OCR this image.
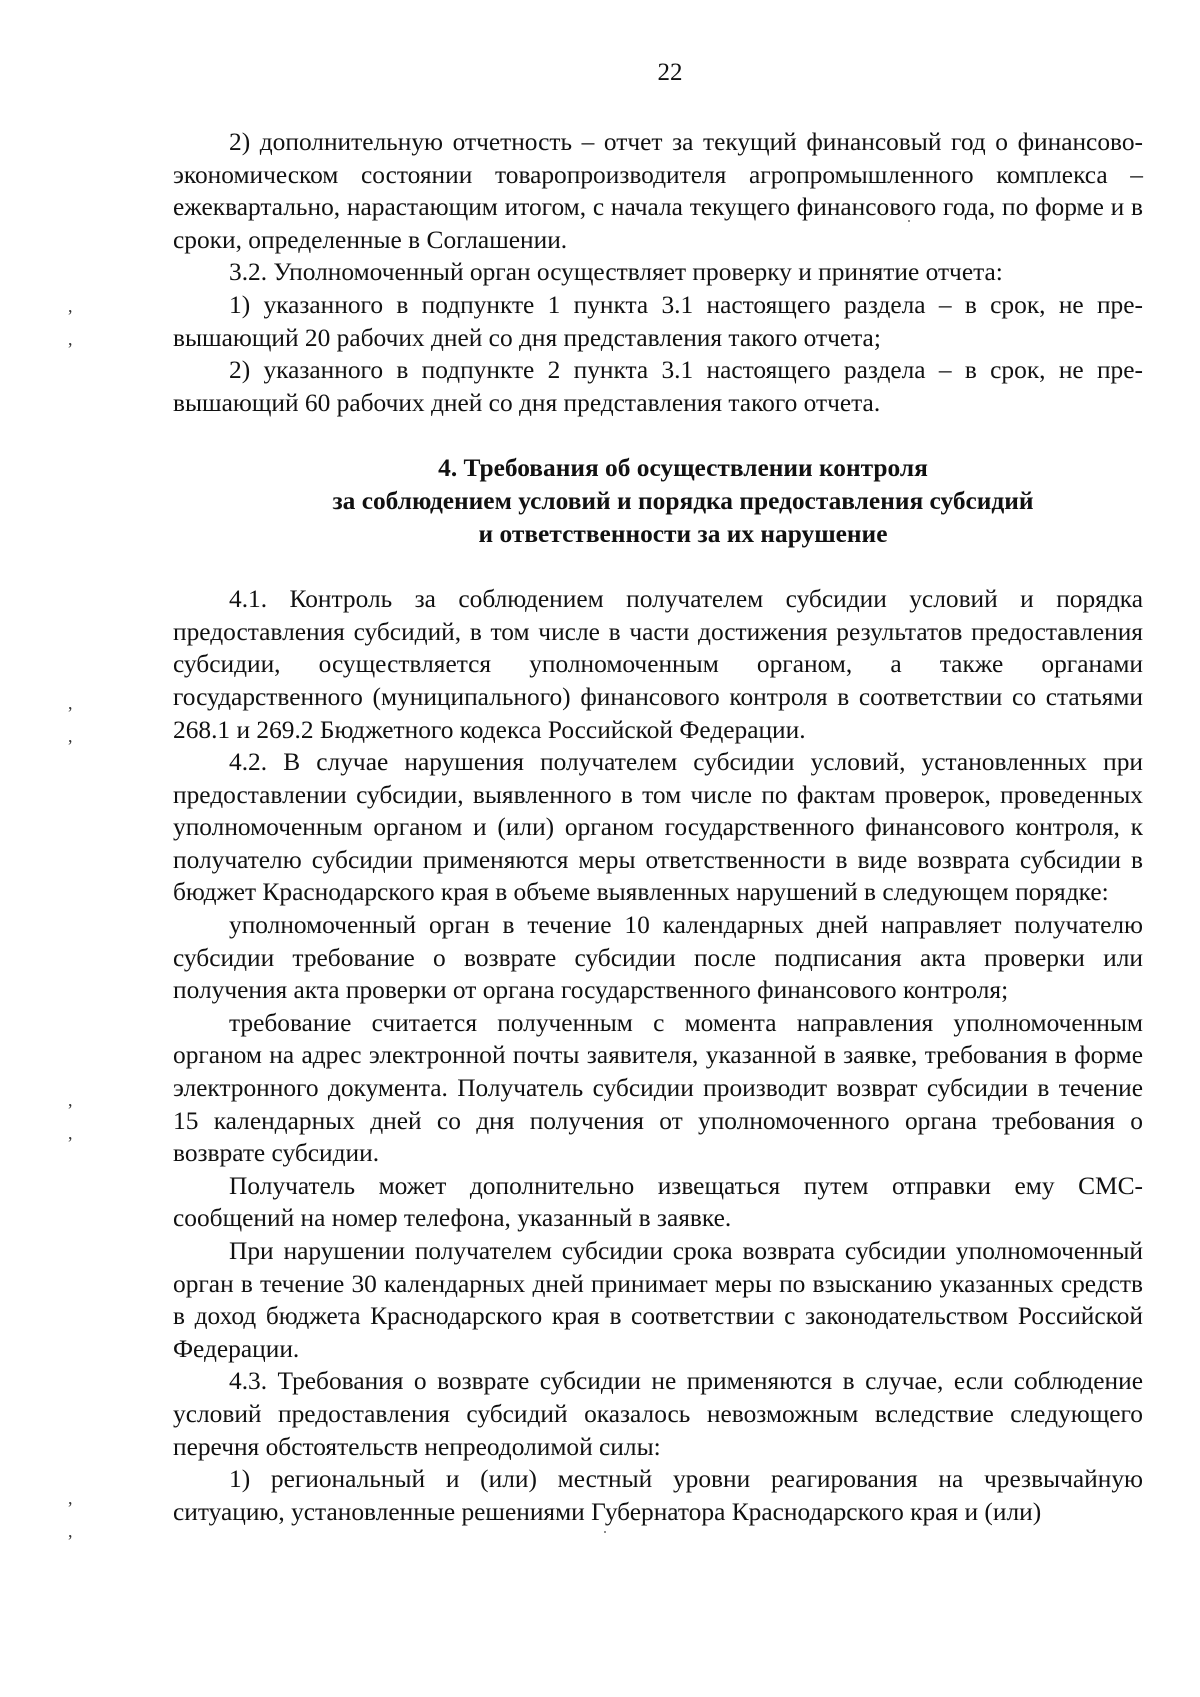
22
,
,
,
,
,
,
,
,

2) дополнительную отчетность – отчет за текущий финансовый год о финансово-экономическом состоянии товаропроизводителя агропромышленного комплекса – ежеквартально, нарастающим итогом, с начала текущего финансового года, по форме и в сроки, определенные в Соглашении.

3.2. Уполномоченный орган осуществляет проверку и принятие отчета:

1) указанного в подпункте 1 пункта 3.1 настоящего раздела – в срок, не превышающий 20 рабочих дней со дня представления такого отчета;

2) указанного в подпункте 2 пункта 3.1 настоящего раздела – в срок, не превышающий 60 рабочих дней со дня представления такого отчета.

4. Требования об осуществлении контроля
за соблюдением условий и порядка предоставления субсидий
и ответственности за их нарушение

4.1. Контроль за соблюдением получателем субсидии условий и порядка предоставления субсидий, в том числе в части достижения результатов предоставления субсидии, осуществляется уполномоченным органом, а также органами государственного (муниципального) финансового контроля в соответствии со статьями 268.1 и 269.2 Бюджетного кодекса Российской Федерации.

4.2. В случае нарушения получателем субсидии условий, установленных при предоставлении субсидии, выявленного в том числе по фактам проверок, проведенных уполномоченным органом и (или) органом государственного финансового контроля, к получателю субсидии применяются меры ответственности в виде возврата субсидии в бюджет Краснодарского края в объеме выявленных нарушений в следующем порядке:

уполномоченный орган в течение 10 календарных дней направляет получателю субсидии требование о возврате субсидии после подписания акта проверки или получения акта проверки от органа государственного финансового контроля;

требование считается полученным с момента направления уполномоченным органом на адрес электронной почты заявителя, указанной в заявке, требования в форме электронного документа. Получатель субсидии производит возврат субсидии в течение 15 календарных дней со дня получения от уполномоченного органа требования о возврате субсидии.

Получатель может дополнительно извещаться путем отправки ему СМС-сообщений на номер телефона, указанный в заявке.

При нарушении получателем субсидии срока возврата субсидии уполномоченный орган в течение 30 календарных дней принимает меры по взысканию указанных средств в доход бюджета Краснодарского края в соответствии с законодательством Российской Федерации.

4.3. Требования о возврате субсидии не применяются в случае, если соблюдение условий предоставления субсидий оказалось невозможным вследствие следующего перечня обстоятельств непреодолимой силы:

1) региональный и (или) местный уровни реагирования на чрезвычайную ситуацию, установленные решениями Губернатора Краснодарского края и (или)
